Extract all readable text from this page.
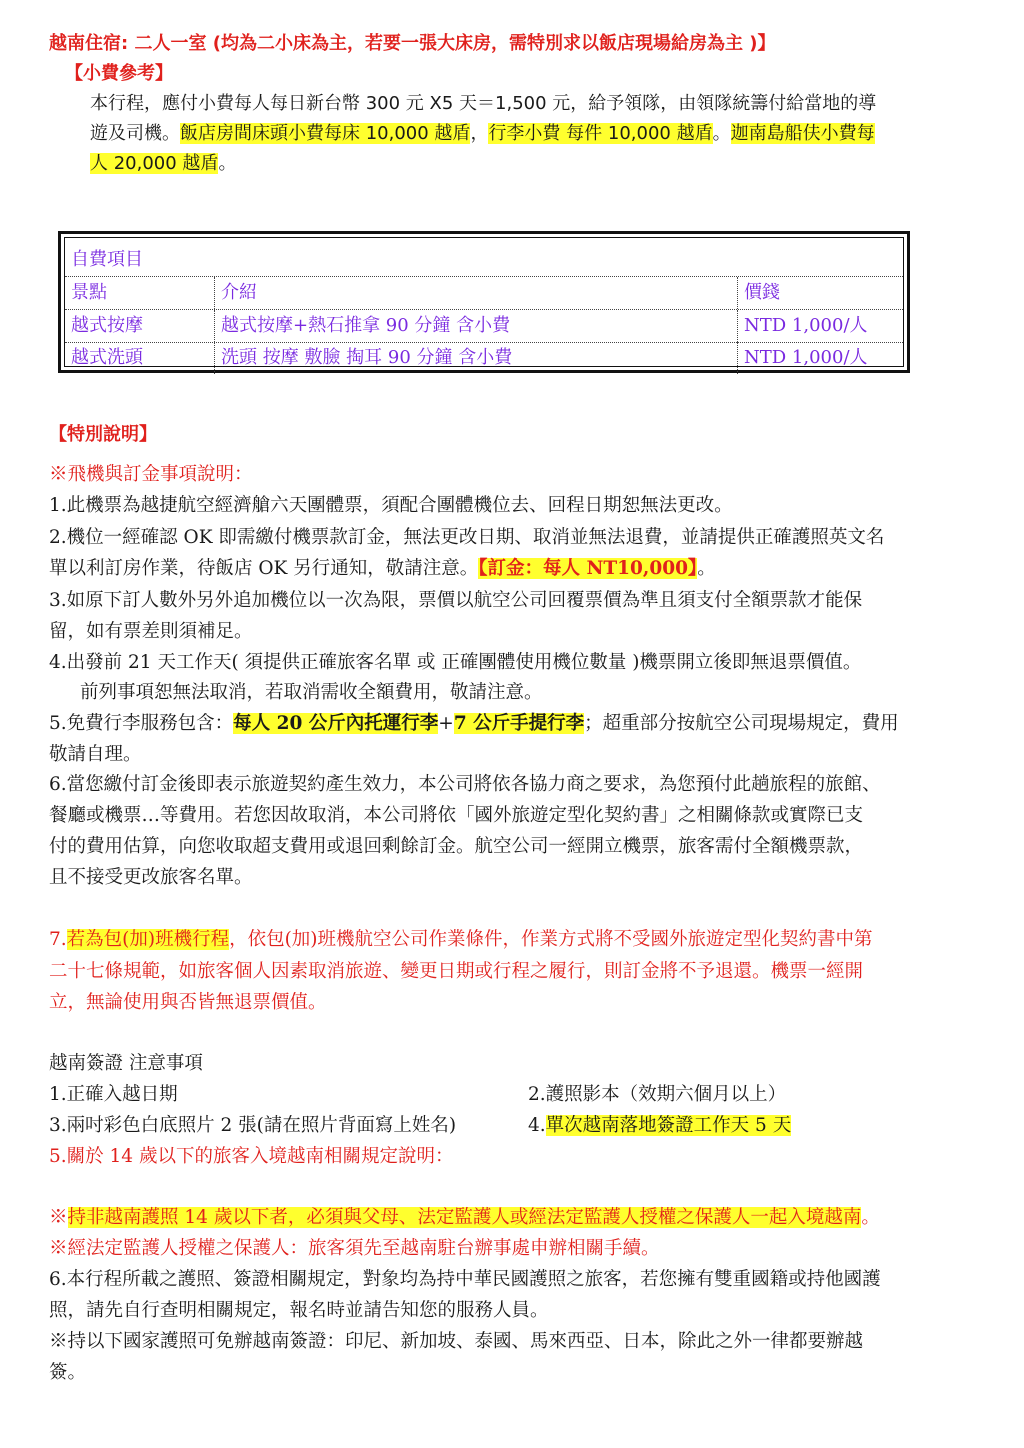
越南住宿: 二人一室 (均為二小床為主，若要一張大床房，需特別求以飯店現場給房為主 )】
【小費參考】
本行程，應付小費每人每日新台幣 300 元 X5 天＝1,500 元，給予領隊，由領隊統籌付給當地的導
遊及司機。飯店房間床頭小費每床 10,000 越盾，行李小費 每件 10,000 越盾。迦南島船伕小費每
人 20,000 越盾。
自費項目
景點	介紹	價錢
越式按摩	越式按摩+熱石推拿 90 分鐘 含小費	NTD 1,000/人
越式洗頭	洗頭 按摩 敷臉 掏耳 90 分鐘 含小費	NTD 1,000/人
【特別說明】
※飛機與訂金事項說明：
1.此機票為越捷航空經濟艙六天團體票，須配合團體機位去、回程日期恕無法更改。
2.機位一經確認 OK 即需繳付機票款訂金，無法更改日期、取消並無法退費，並請提供正確護照英文名
單以利訂房作業，待飯店 OK 另行通知，敬請注意。【訂金：每人 NT10,000】。
3.如原下訂人數外另外追加機位以一次為限，票價以航空公司回覆票價為準且須支付全額票款才能保
留，如有票差則須補足。
4.出發前 21 天工作天( 須提供正確旅客名單 或 正確團體使用機位數量 )機票開立後即無退票價值。
前列事項恕無法取消，若取消需收全額費用，敬請注意。
5.免費行李服務包含：每人 20 公斤內托運行李+7 公斤手提行李；超重部分按航空公司現場規定，費用
敬請自理。
6.當您繳付訂金後即表示旅遊契約產生效力，本公司將依各協力商之要求，為您預付此趟旅程的旅館、
餐廳或機票…等費用。若您因故取消，本公司將依「國外旅遊定型化契約書」之相關條款或實際已支
付的費用估算，向您收取超支費用或退回剩餘訂金。航空公司一經開立機票，旅客需付全額機票款，
且不接受更改旅客名單。
7.若為包(加)班機行程，依包(加)班機航空公司作業條件，作業方式將不受國外旅遊定型化契約書中第
二十七條規範，如旅客個人因素取消旅遊、變更日期或行程之履行，則訂金將不予退還。機票一經開
立，無論使用與否皆無退票價值。
越南簽證 注意事項
1.正確入越日期	2.護照影本（效期六個月以上）
3.兩吋彩色白底照片 2 張(請在照片背面寫上姓名)	4.單次越南落地簽證工作天 5 天
5.關於 14 歲以下的旅客入境越南相關規定說明：
※持非越南護照 14 歲以下者，必須與父母、法定監護人或經法定監護人授權之保護人一起入境越南。
※經法定監護人授權之保護人：旅客須先至越南駐台辦事處申辦相關手續。
6.本行程所載之護照、簽證相關規定，對象均為持中華民國護照之旅客，若您擁有雙重國籍或持他國護
照，請先自行查明相關規定，報名時並請告知您的服務人員。
※持以下國家護照可免辦越南簽證：印尼、新加坡、泰國、馬來西亞、日本，除此之外一律都要辦越
簽。
